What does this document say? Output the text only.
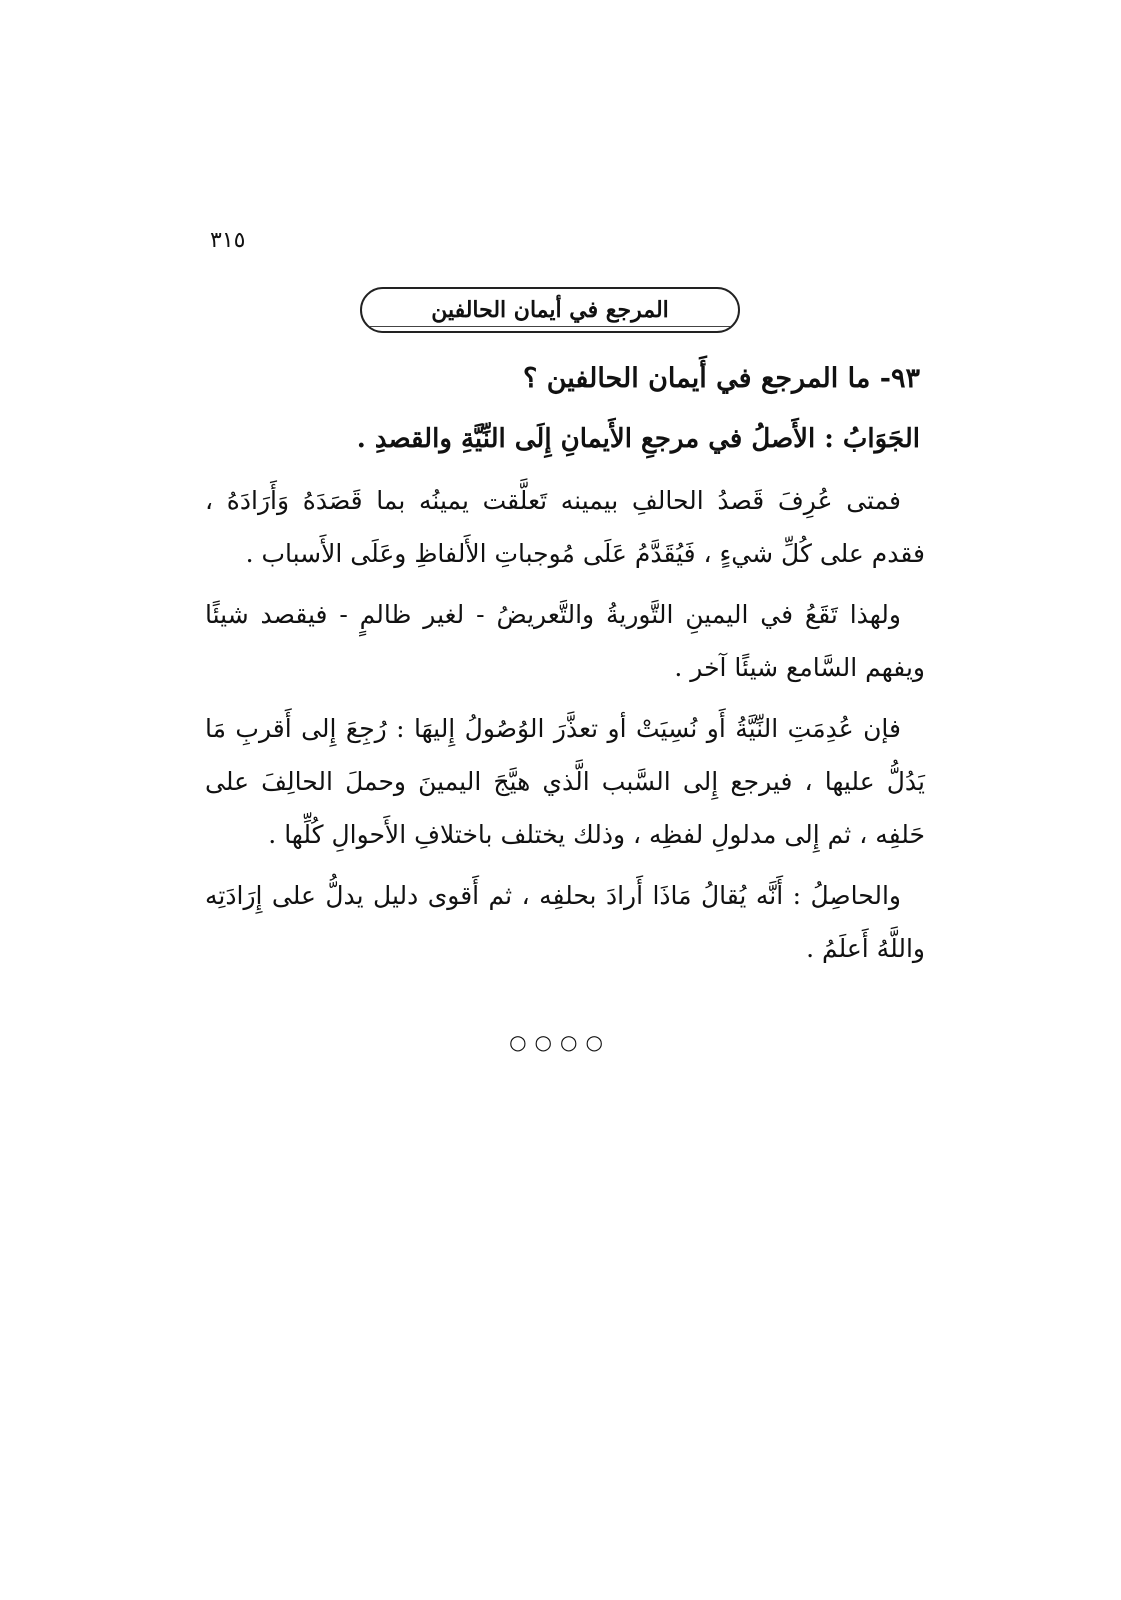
٣١٥
المرجع في أيمان الحالفين

٩٣- ما المرجع في أَيمان الحالفين ؟

الجَوَابُ : الأَصلُ في مرجعِ الأَيمانِ إِلَى النِّيَّةِ والقصدِ .

فمتى عُرِفَ قَصدُ الحالفِ بيمينه تَعلَّقت يمينُه بما قَصَدَهُ وَأَرَادَهُ ، فقدم على كُلِّ شيءٍ ، فَيُقَدَّمُ عَلَى مُوجباتِ الأَلفاظِ وعَلَى الأَسباب .

ولهذا تَقَعُ في اليمينِ التَّوريةُ والتَّعريضُ - لغير ظالمٍ - فيقصد شيئًا ويفهم السَّامع شيئًا آخر .

فإن عُدِمَتِ النِّيَّةُ أَو نُسِيَتْ أو تعذَّرَ الوُصُولُ إِليهَا : رُجِعَ إِلى أَقربِ مَا يَدُلُّ عليها ، فيرجع إِلى السَّبب الَّذي هيَّجَ اليمينَ وحملَ الحالِفَ على حَلفِه ، ثم إِلى مدلولِ لفظِه ، وذلك يختلف باختلافِ الأَحوالِ كُلِّها .

والحاصِلُ : أَنَّه يُقالُ مَاذَا أَرادَ بحلفِه ، ثم أَقوى دليل يدلُّ على إِرَادَتِه واللَّهُ أَعلَمُ .

○○○○
